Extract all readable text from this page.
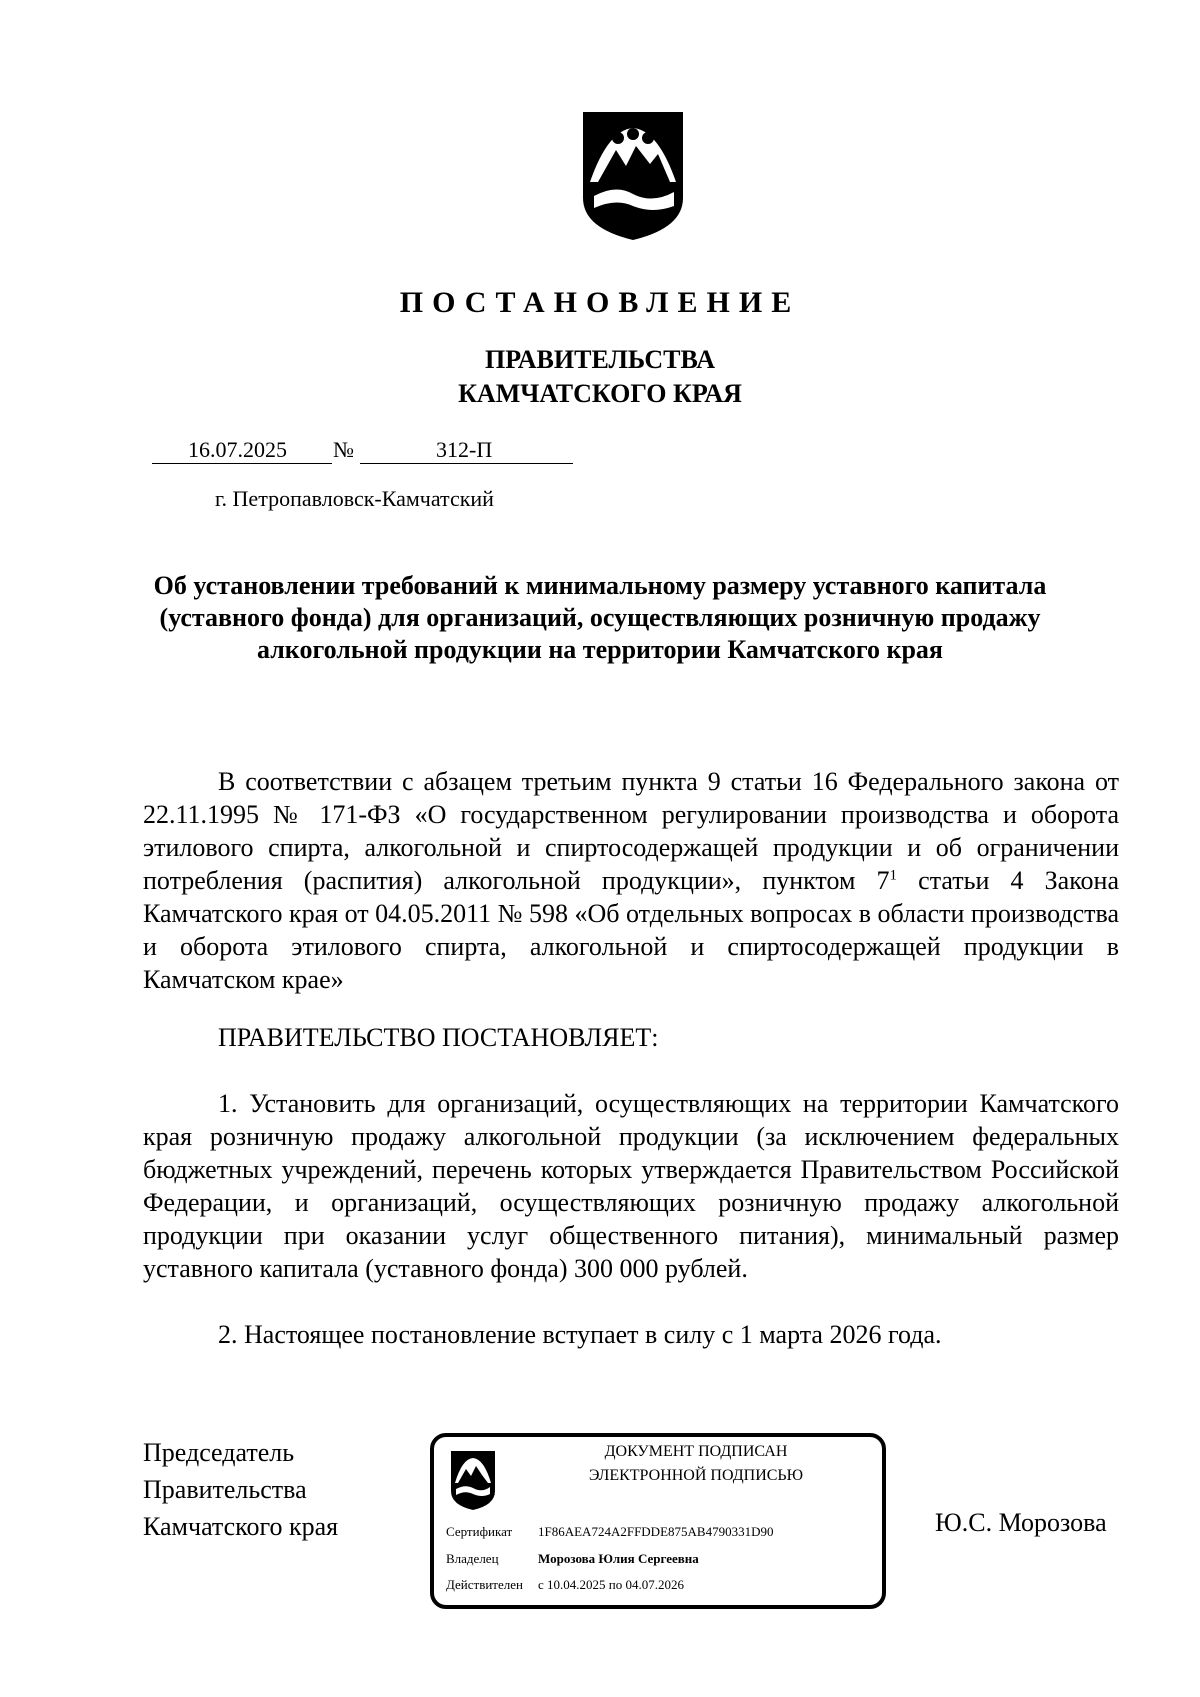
ПОСТАНОВЛЕНИЕ
ПРАВИТЕЛЬСТВА
КАМЧАТСКОГО КРАЯ
16.07.2025 №	312-П
г. Петропавловск-Камчатский
Об установлении требований к минимальному размеру уставного капитала (уставного фонда) для организаций, осуществляющих розничную продажу алкогольной продукции на территории Камчатского края
В соответствии с абзацем третьим пункта 9 статьи 16 Федерального закона от 22.11.1995 № 171-ФЗ «О государственном регулировании производства и оборота этилового спирта, алкогольной и спиртосодержащей продукции и об ограничении потребления (распития) алкогольной продукции», пунктом $7^1$ статьи 4 Закона Камчатского края от 04.05.2011 № 598 «Об отдельных вопросах в области производства и оборота этилового спирта, алкогольной и спиртосодержащей продукции в Камчатском крае»
ПРАВИТЕЛЬСТВО ПОСТАНОВЛЯЕТ:
1. Установить для организаций, осуществляющих на территории Камчатского края розничную продажу алкогольной продукции (за исключением федеральных бюджетных учреждений, перечень которых утверждается Правительством Российской Федерации, и организаций, осуществляющих розничную продажу алкогольной продукции при оказании услуг общественного питания), минимальный размер уставного капитала (уставного фонда) 300 000 рублей.
2. Настоящее постановление вступает в силу с 1 марта 2026 года.
Председатель
Правительства
Камчатского края
ДОКУМЕНТ ПОДПИСАН
ЭЛЕКТРОННОЙ ПОДПИСЬЮ
Сертификат 1F86AEA724A2FFDDE875AB4790331D90
Владелец	Морозова Юлия Сергеевна
Действителен с 10.04.2025 по 04.07.2026
Ю.С. Морозова
